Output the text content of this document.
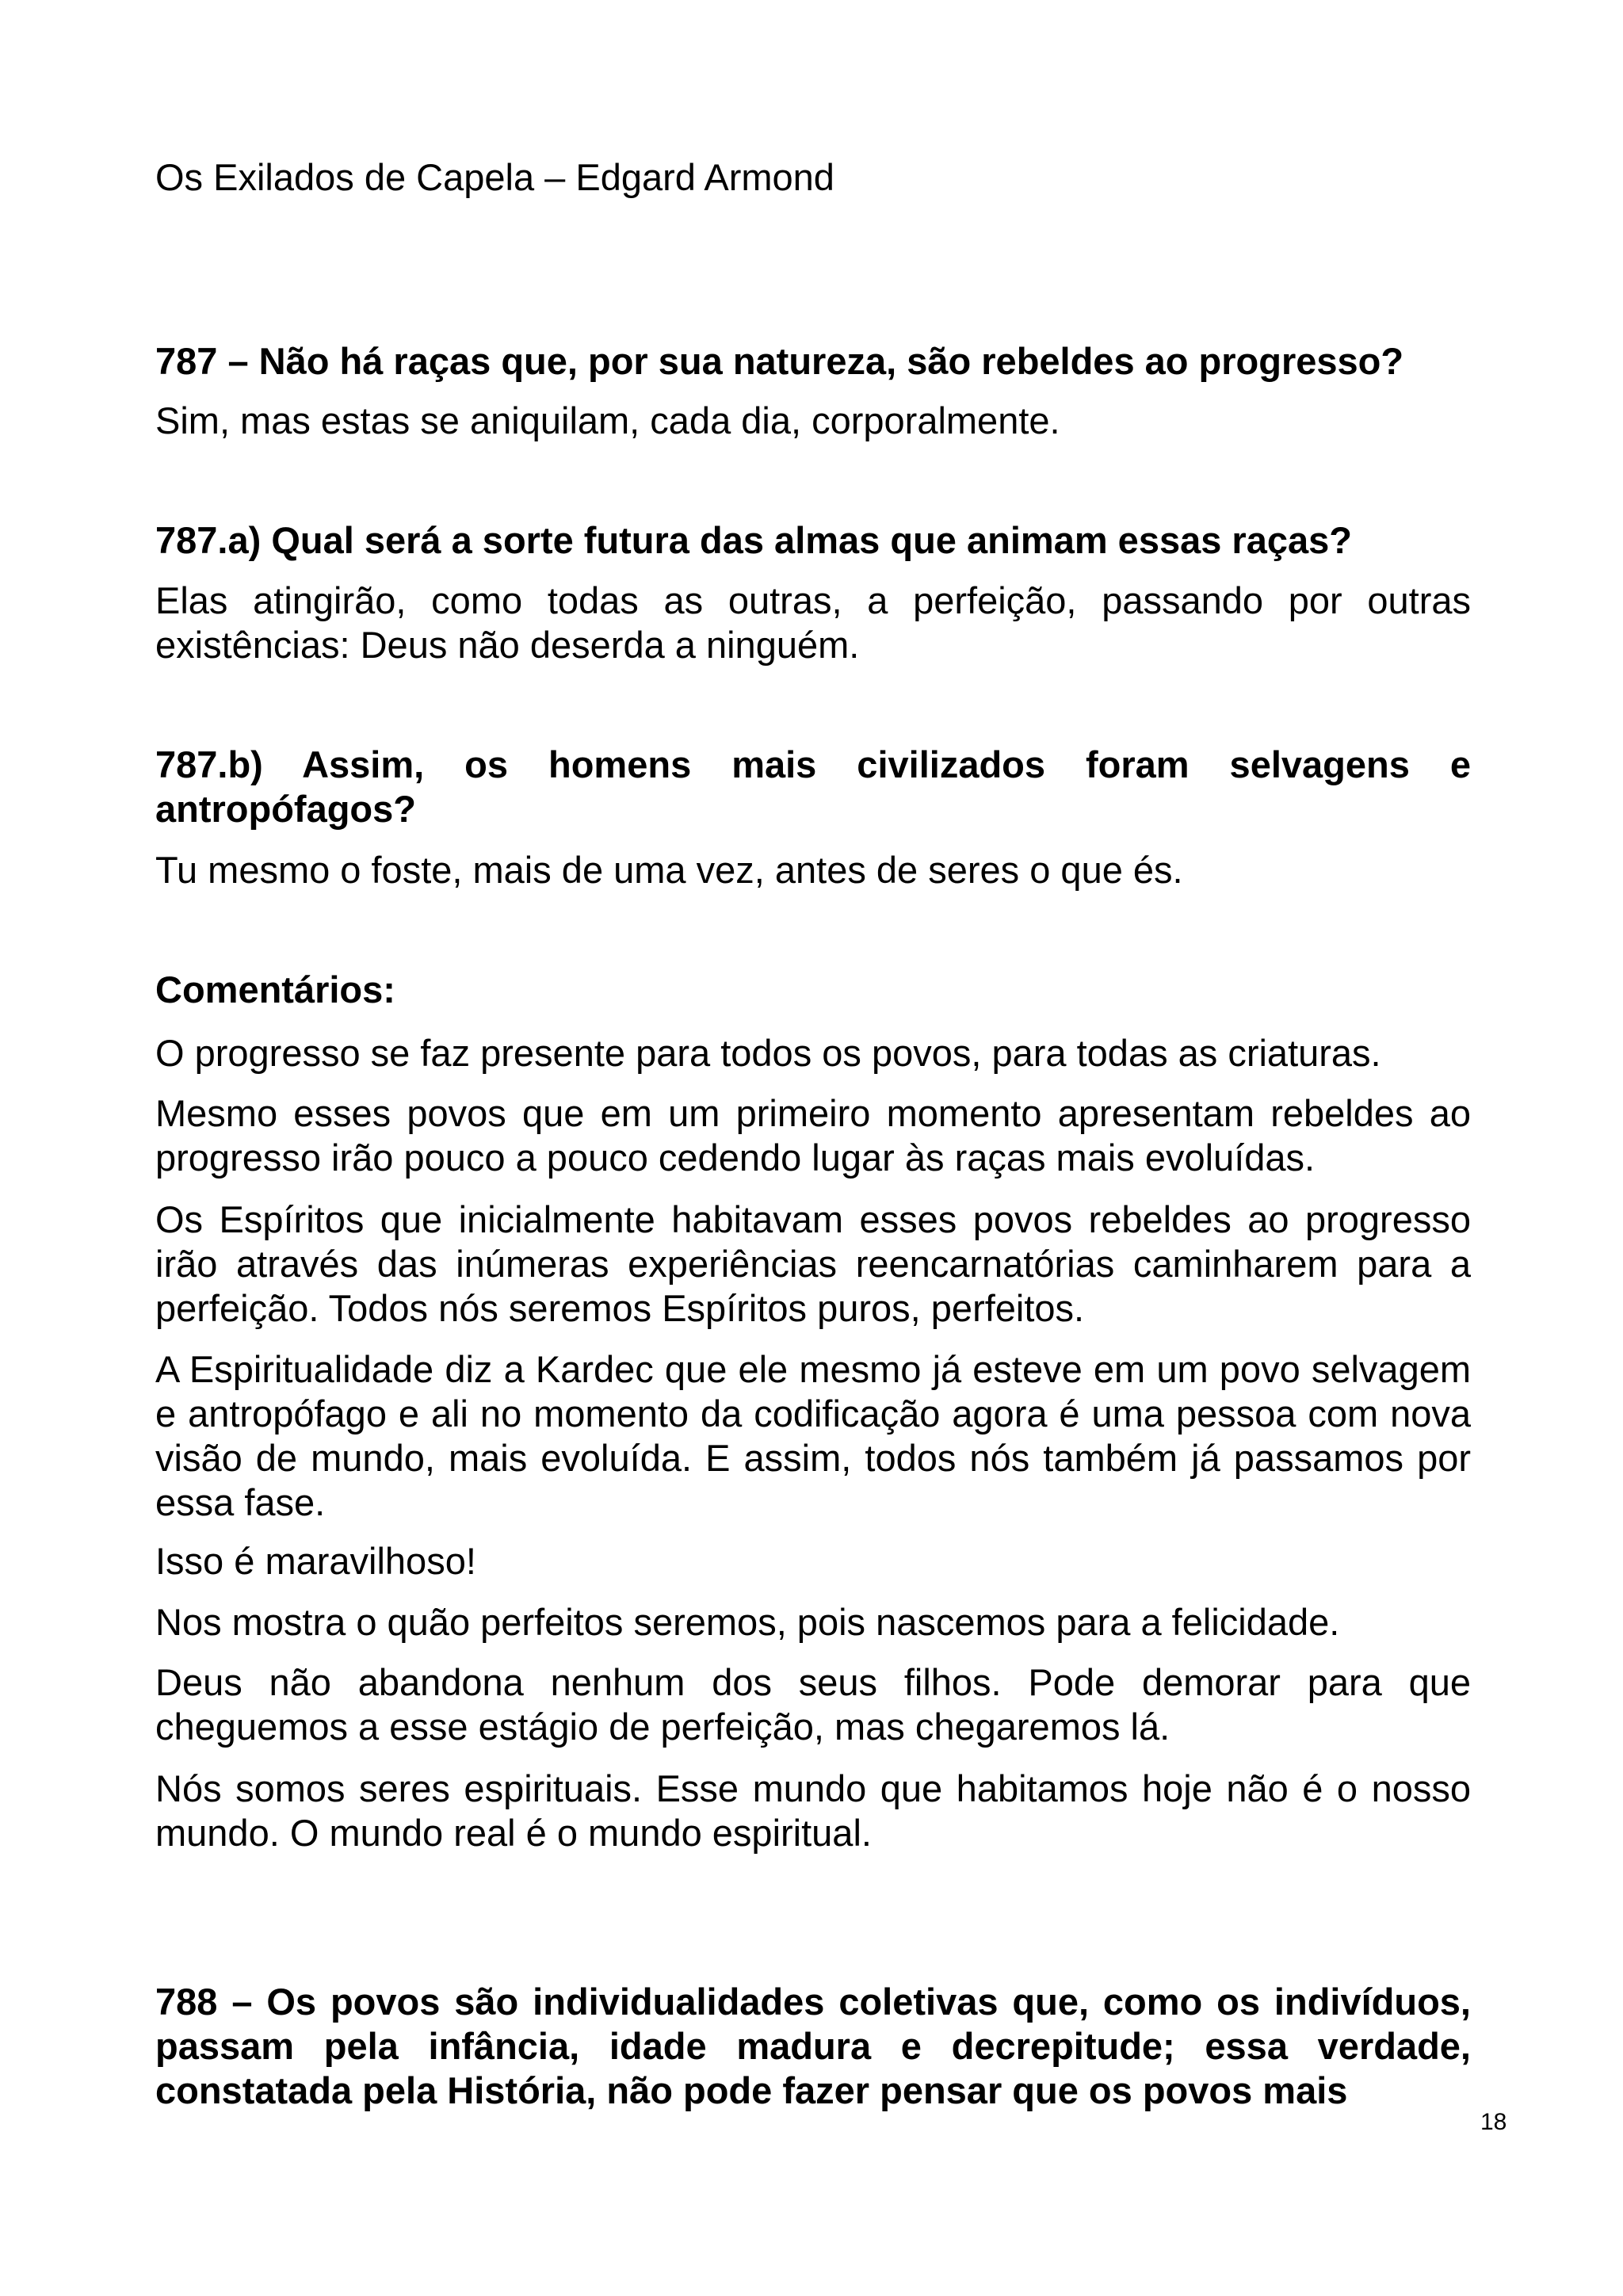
Os Exilados de Capela – Edgard Armond

787 – Não há raças que, por sua natureza, são rebeldes ao progresso?

Sim, mas estas se aniquilam, cada dia, corporalmente.

787.a) Qual será a sorte futura das almas que animam essas raças?

Elas atingirão, como todas as outras, a perfeição, passando por outras existências: Deus não deserda a ninguém.

787.b) Assim, os homens mais civilizados foram selvagens e antropófagos?

Tu mesmo o foste, mais de uma vez, antes de seres o que és.

Comentários:

O progresso se faz presente para todos os povos, para todas as criaturas.

Mesmo esses povos que em um primeiro momento apresentam rebeldes ao progresso irão pouco a pouco cedendo lugar às raças mais evoluídas.

Os Espíritos que inicialmente habitavam esses povos rebeldes ao progresso irão através das inúmeras experiências reencarnatórias caminharem para a perfeição. Todos nós seremos Espíritos puros, perfeitos.

A Espiritualidade diz a Kardec que ele mesmo já esteve em um povo selvagem e antropófago e ali no momento da codificação agora é uma pessoa com nova visão de mundo, mais evoluída. E assim, todos nós também já passamos por essa fase.

Isso é maravilhoso!

Nos mostra o quão perfeitos seremos, pois nascemos para a felicidade.

Deus não abandona nenhum dos seus filhos. Pode demorar para que cheguemos a esse estágio de perfeição, mas chegaremos lá.

Nós somos seres espirituais. Esse mundo que habitamos hoje não é o nosso mundo. O mundo real é o mundo espiritual.

788 – Os povos são individualidades coletivas que, como os indivíduos, passam pela infância, idade madura e decrepitude; essa verdade, constatada pela História, não pode fazer pensar que os povos mais

18
